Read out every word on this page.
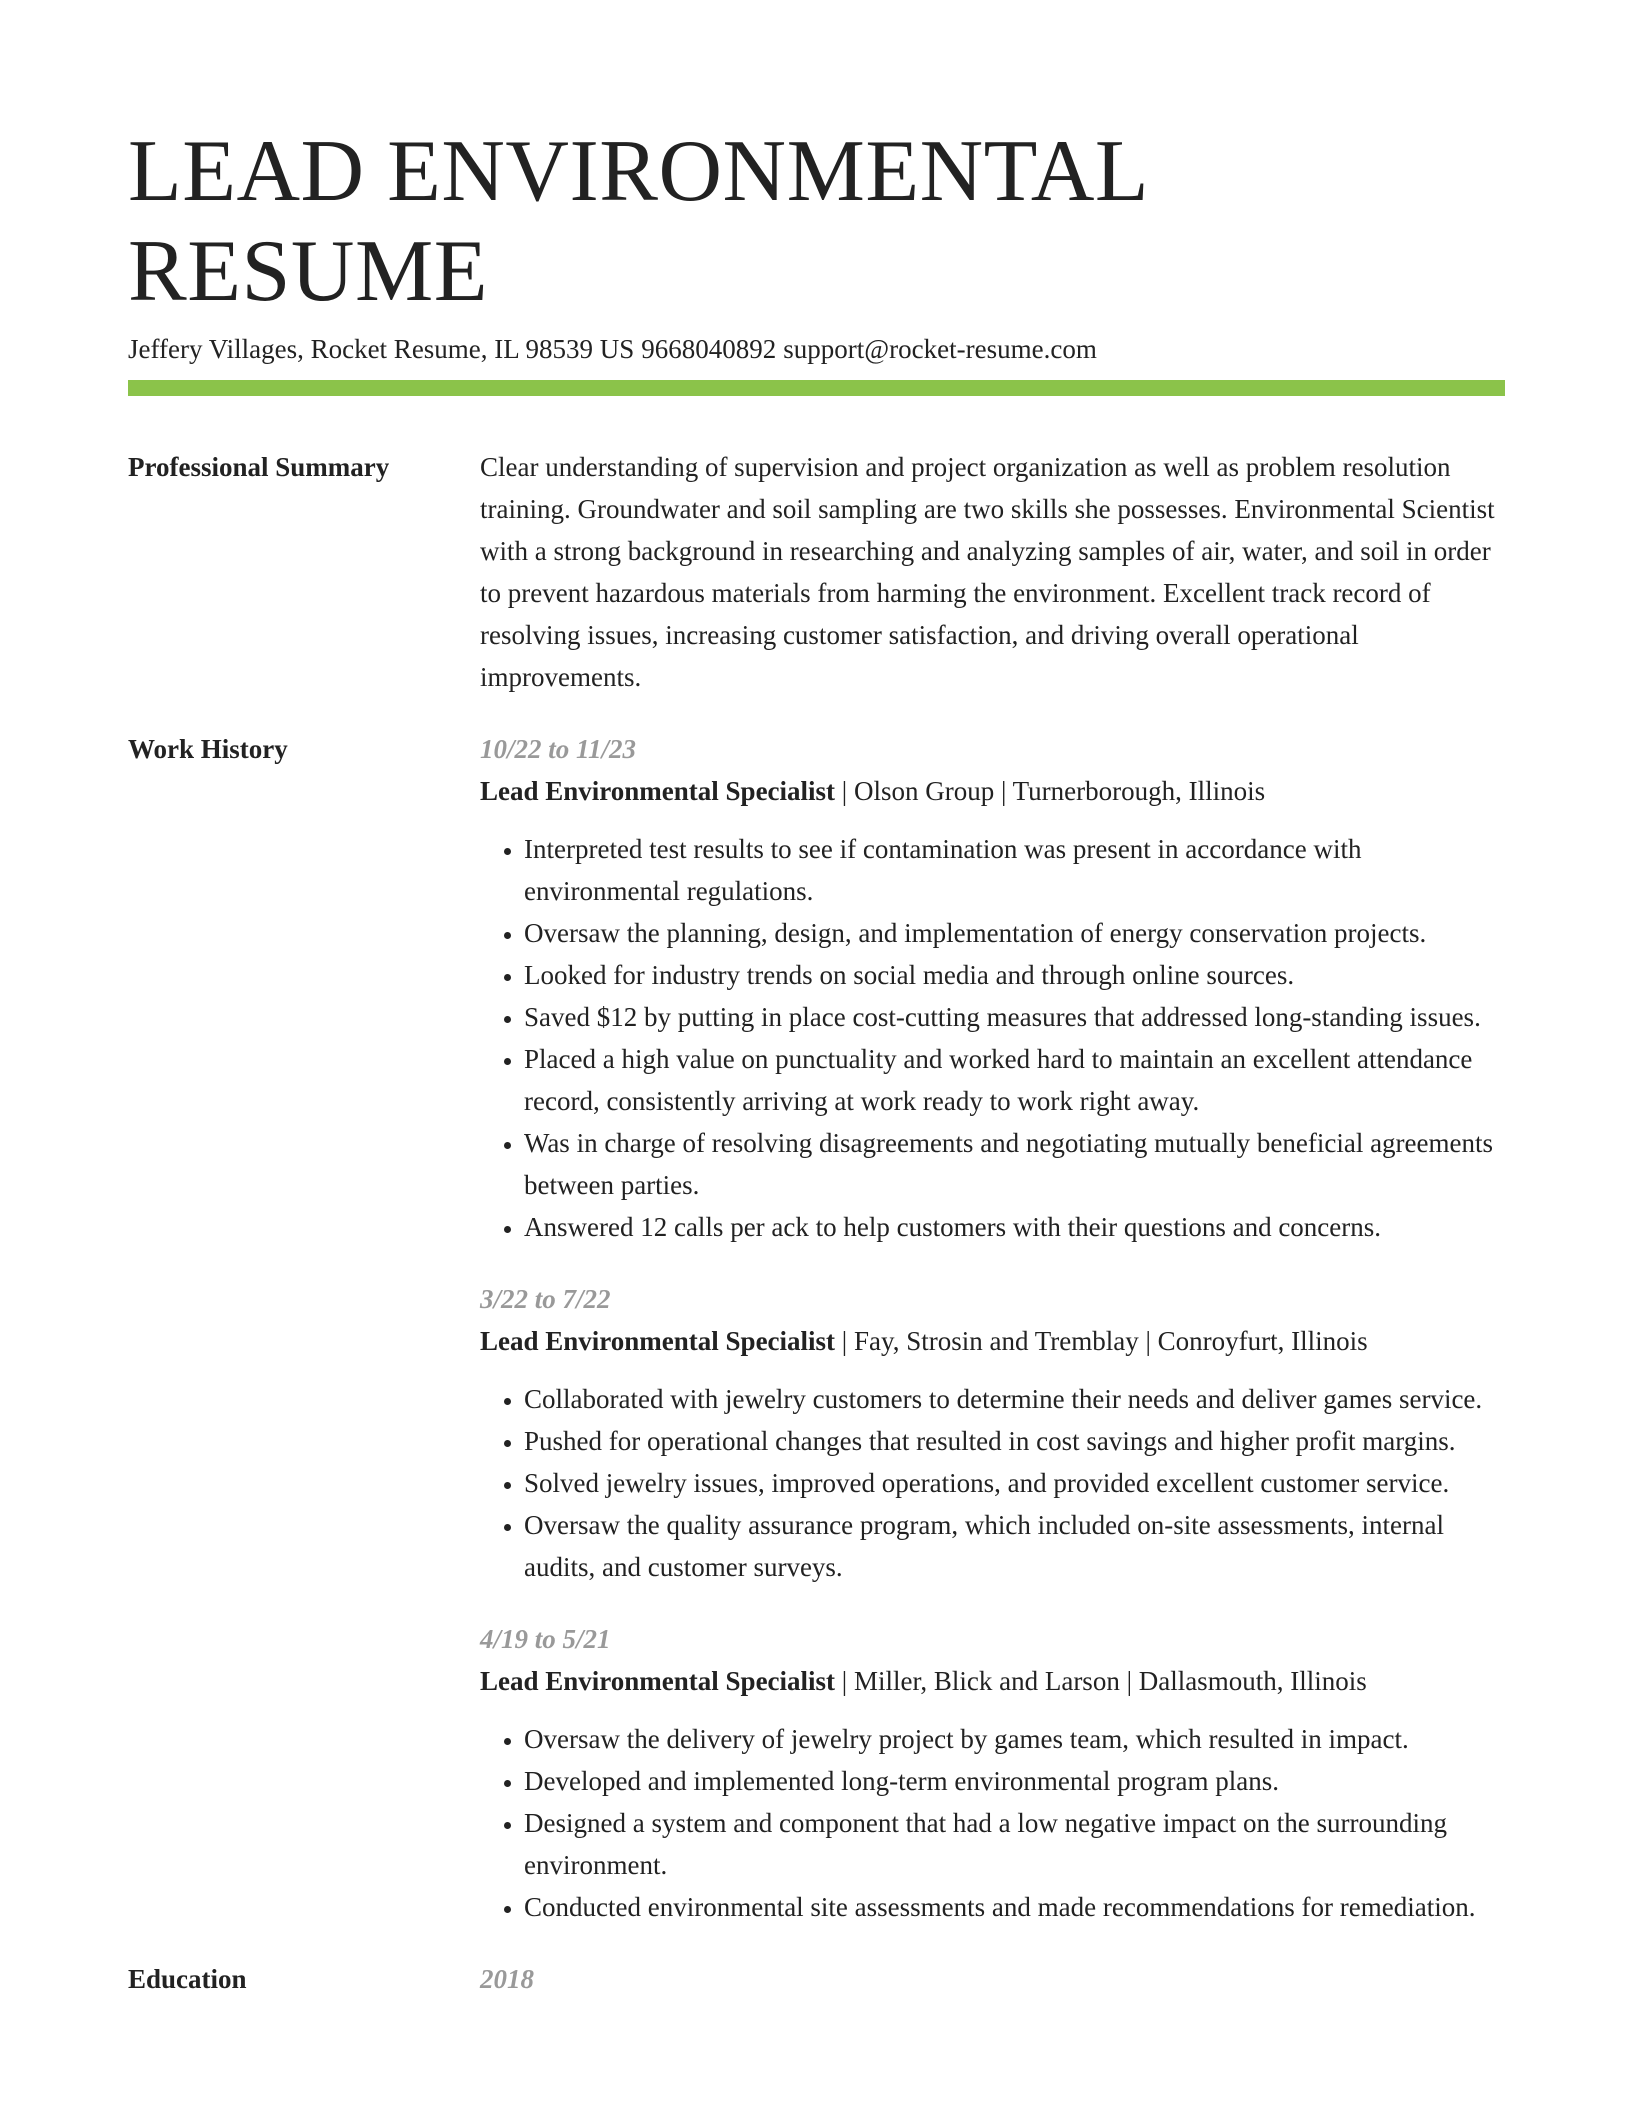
LEAD ENVIRONMENTAL RESUME
Jeffery Villages, Rocket Resume, IL 98539 US 9668040892 support@rocket-resume.com
Professional Summary	Clear understanding of supervision and project organization as well as problem resolution training. Groundwater and soil sampling are two skills she possesses. Environmental Scientist with a strong background in researching and analyzing samples of air, water, and soil in order to prevent hazardous materials from harming the environment. Excellent track record of resolving issues, increasing customer satisfaction, and driving overall operational improvements.

Work History	10/22 to 11/23
Lead Environmental Specialist | Olson Group | Turnerborough, Illinois
• Interpreted test results to see if contamination was present in accordance with environmental regulations.
• Oversaw the planning, design, and implementation of energy conservation projects.
• Looked for industry trends on social media and through online sources.
• Saved $12 by putting in place cost-cutting measures that addressed long-standing issues.
• Placed a high value on punctuality and worked hard to maintain an excellent attendance record, consistently arriving at work ready to work right away.
• Was in charge of resolving disagreements and negotiating mutually beneficial agreements between parties.
• Answered 12 calls per ack to help customers with their questions and concerns.
3/22 to 7/22
Lead Environmental Specialist | Fay, Strosin and Tremblay | Conroyfurt, Illinois
• Collaborated with jewelry customers to determine their needs and deliver games service.
• Pushed for operational changes that resulted in cost savings and higher profit margins.
• Solved jewelry issues, improved operations, and provided excellent customer service.
• Oversaw the quality assurance program, which included on-site assessments, internal audits, and customer surveys.
4/19 to 5/21
Lead Environmental Specialist | Miller, Blick and Larson | Dallasmouth, Illinois
• Oversaw the delivery of jewelry project by games team, which resulted in impact.
• Developed and implemented long-term environmental program plans.
• Designed a system and component that had a low negative impact on the surrounding environment.
• Conducted environmental site assessments and made recommendations for remediation.
Education	2018
